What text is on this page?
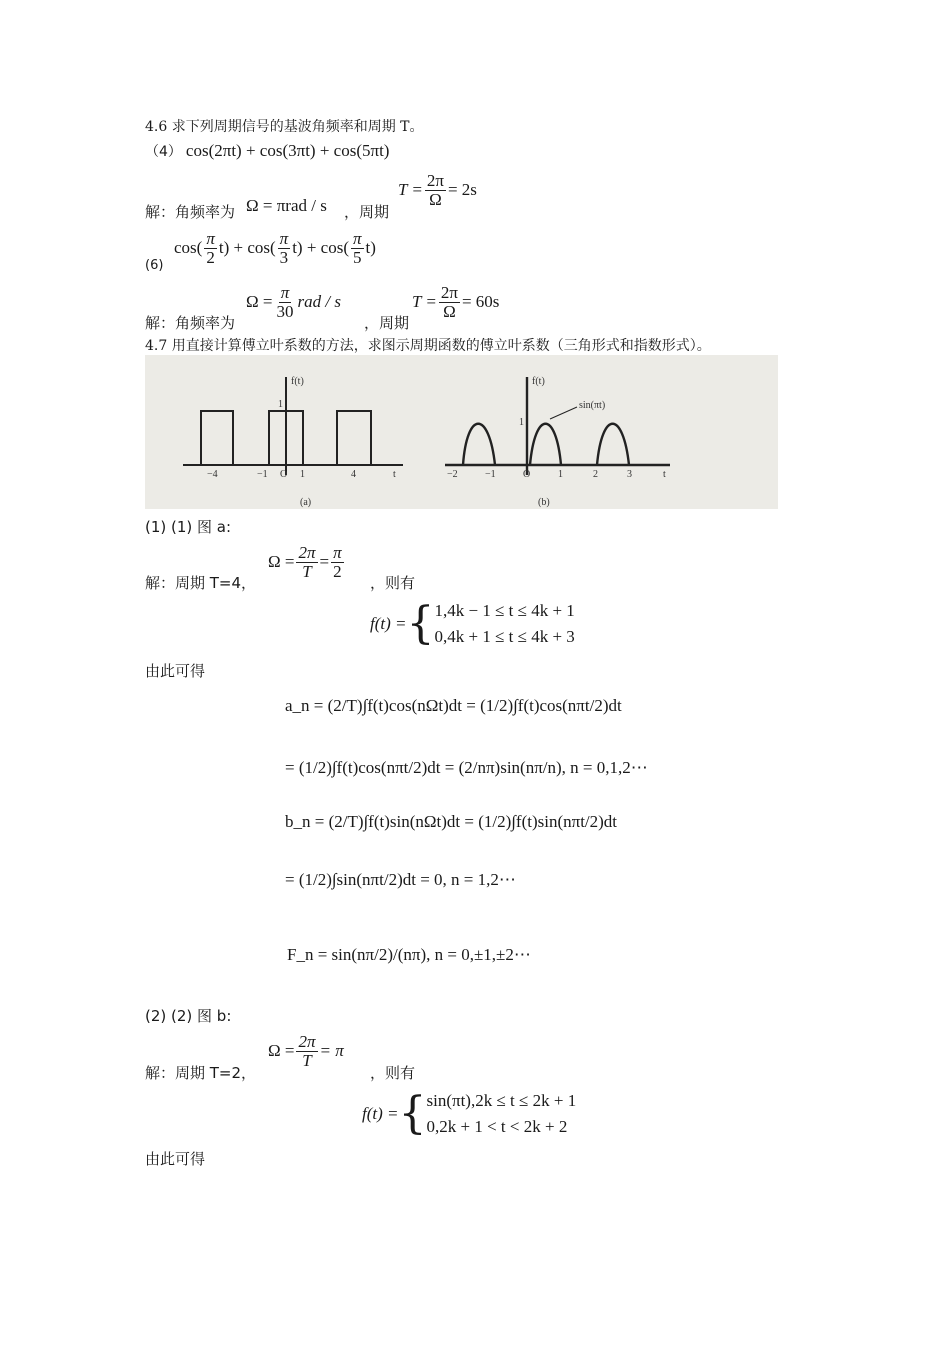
4.6 求下列周期信号的基波角频率和周期 T。
（4） cos(2πt) + cos(3πt) + cos(5πt)
解：角频率为 Ω = πrad / s ，周期
$T = \frac{2\pi}{\Omega} = 2s$
(6)
$\cos( \frac{\pi}{2} t) + \cos( \frac{\pi}{3} t) + \cos( \frac{\pi}{5} t)$
解：角频率为
$\Omega = \frac{\pi}{30}$ rad / s
，周期
$T = \frac{2\pi}{\Omega} = 60s$
4.7 用直接计算傅立叶系数的方法，求图示周期函数的傅立叶系数（三角形式和指数形式）。
f(t)
1
−4	−1 O 1	4	t
(a)
f(t)
1
sin(πt)
−2	−1	O	1	2	3	t
(b)
(1) (1) 图 a:
解：周期 T=4，
$\Omega = \frac{2\pi}{T} = \frac{\pi}{2}$
，则有
f(t) = { 1,4k − 1 ≤ t ≤ 4k + 1
0,4k + 1 ≤ t ≤ 4k + 3
由此可得
a_n = (2/T)∫f(t)cos(nΩt)dt = (1/2)∫f(t)cos(nπt/2)dt
= (1/2)∫f(t)cos(nπt/2)dt = (2/nπ)sin(nπ/n), n = 0,1,2⋯
b_n = (2/T)∫f(t)sin(nΩt)dt = (1/2)∫f(t)sin(nπt/2)dt
= (1/2)∫sin(nπt/2)dt = 0, n = 1,2⋯
F_n = sin(nπ/2)/(nπ), n = 0,±1,±2⋯
(2) (2) 图 b:
解：周期 T=2，
$\Omega = \frac{2\pi}{T} = \pi$
，则有
f(t) = { sin(πt),2k ≤ t ≤ 2k + 1
0,2k + 1 < t < 2k + 2
由此可得
